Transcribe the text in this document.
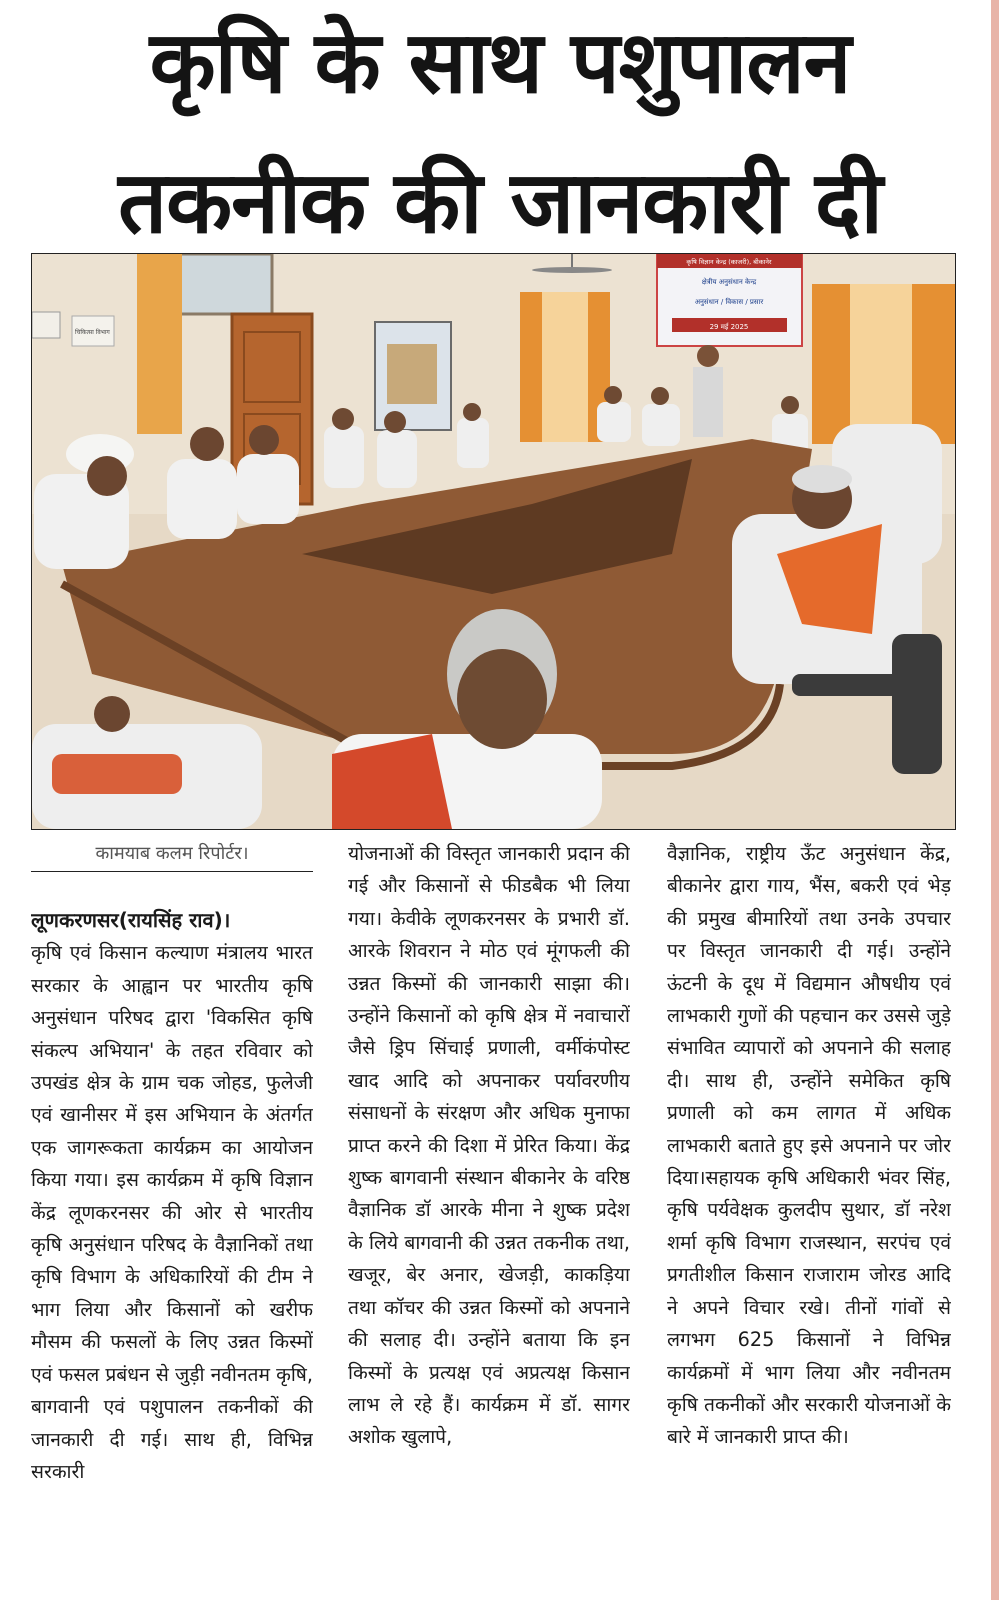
कृषि के साथ पशुपालन
तकनीक की जानकारी दी
चिकित्सा विभाग
कृषि विज्ञान केन्द्र (काजरी), बीकानेर
क्षेत्रीय अनुसंधान केन्द्र
अनुसंधान / विकास / प्रसार
29 मई 2025
कामयाब कलम रिपोर्टर।
लूणकरणसर(रायसिंह राव)।
कृषि एवं किसान कल्याण मंत्रालय भारत सरकार के आह्वान पर भारतीय कृषि अनुसंधान परिषद द्वारा 'विकसित कृषि संकल्प अभियान' के तहत रविवार को उपखंड क्षेत्र के ग्राम चक जोहड, फुलेजी एवं खानीसर में इस अभियान के अंतर्गत एक जागरूकता कार्यक्रम का आयोजन किया गया। इस कार्यक्रम में कृषि विज्ञान केंद्र लूणकरनसर की ओर से भारतीय कृषि अनुसंधान परिषद के वैज्ञानिकों तथा कृषि विभाग के अधिकारियों की टीम ने भाग लिया और किसानों को खरीफ मौसम की फसलों के लिए उन्नत किस्मों एवं फसल प्रबंधन से जुड़ी नवीनतम कृषि, बागवानी एवं पशुपालन तकनीकों की जानकारी दी गई। साथ ही, विभिन्न सरकारी
योजनाओं की विस्तृत जानकारी प्रदान की गई और किसानों से फीडबैक भी लिया गया। केवीके लूणकरनसर के प्रभारी डॉ. आरके शिवरान ने मोठ एवं मूंगफली की उन्नत किस्मों की जानकारी साझा की। उन्होंने किसानों को कृषि क्षेत्र में नवाचारों जैसे ड्रिप सिंचाई प्रणाली, वर्मीकंपोस्ट खाद आदि को अपनाकर पर्यावरणीय संसाधनों के संरक्षण और अधिक मुनाफा प्राप्त करने की दिशा में प्रेरित किया। केंद्र शुष्क बागवानी संस्थान बीकानेर के वरिष्ठ वैज्ञानिक डॉ आरके मीना ने शुष्क प्रदेश के लिये बागवानी की उन्नत तकनीक तथा, खजूर, बेर अनार, खेजड़ी, काकड़िया तथा कॉचर की उन्नत किस्मों को अपनाने की सलाह दी। उन्होंने बताया कि इन किस्मों के प्रत्यक्ष एवं अप्रत्यक्ष किसान लाभ ले रहे हैं। कार्यक्रम में डॉ. सागर अशोक खुलापे,
वैज्ञानिक, राष्ट्रीय ऊँट अनुसंधान केंद्र, बीकानेर द्वारा गाय, भैंस, बकरी एवं भेड़ की प्रमुख बीमारियों तथा उनके उपचार पर विस्तृत जानकारी दी गई। उन्होंने ऊंटनी के दूध में विद्यमान औषधीय एवं लाभकारी गुणों की पहचान कर उससे जुड़े संभावित व्यापारों को अपनाने की सलाह दी। साथ ही, उन्होंने समेकित कृषि प्रणाली को कम लागत में अधिक लाभकारी बताते हुए इसे अपनाने पर जोर दिया।सहायक कृषि अधिकारी भंवर सिंह, कृषि पर्यवेक्षक कुलदीप सुथार, डॉ नरेश शर्मा कृषि विभाग राजस्थान, सरपंच एवं प्रगतीशील किसान राजाराम जोरड आदि ने अपने विचार रखे। तीनों गांवों से लगभग 625 किसानों ने विभिन्न कार्यक्रमों में भाग लिया और नवीनतम कृषि तकनीकों और सरकारी योजनाओं के बारे में जानकारी प्राप्त की।
